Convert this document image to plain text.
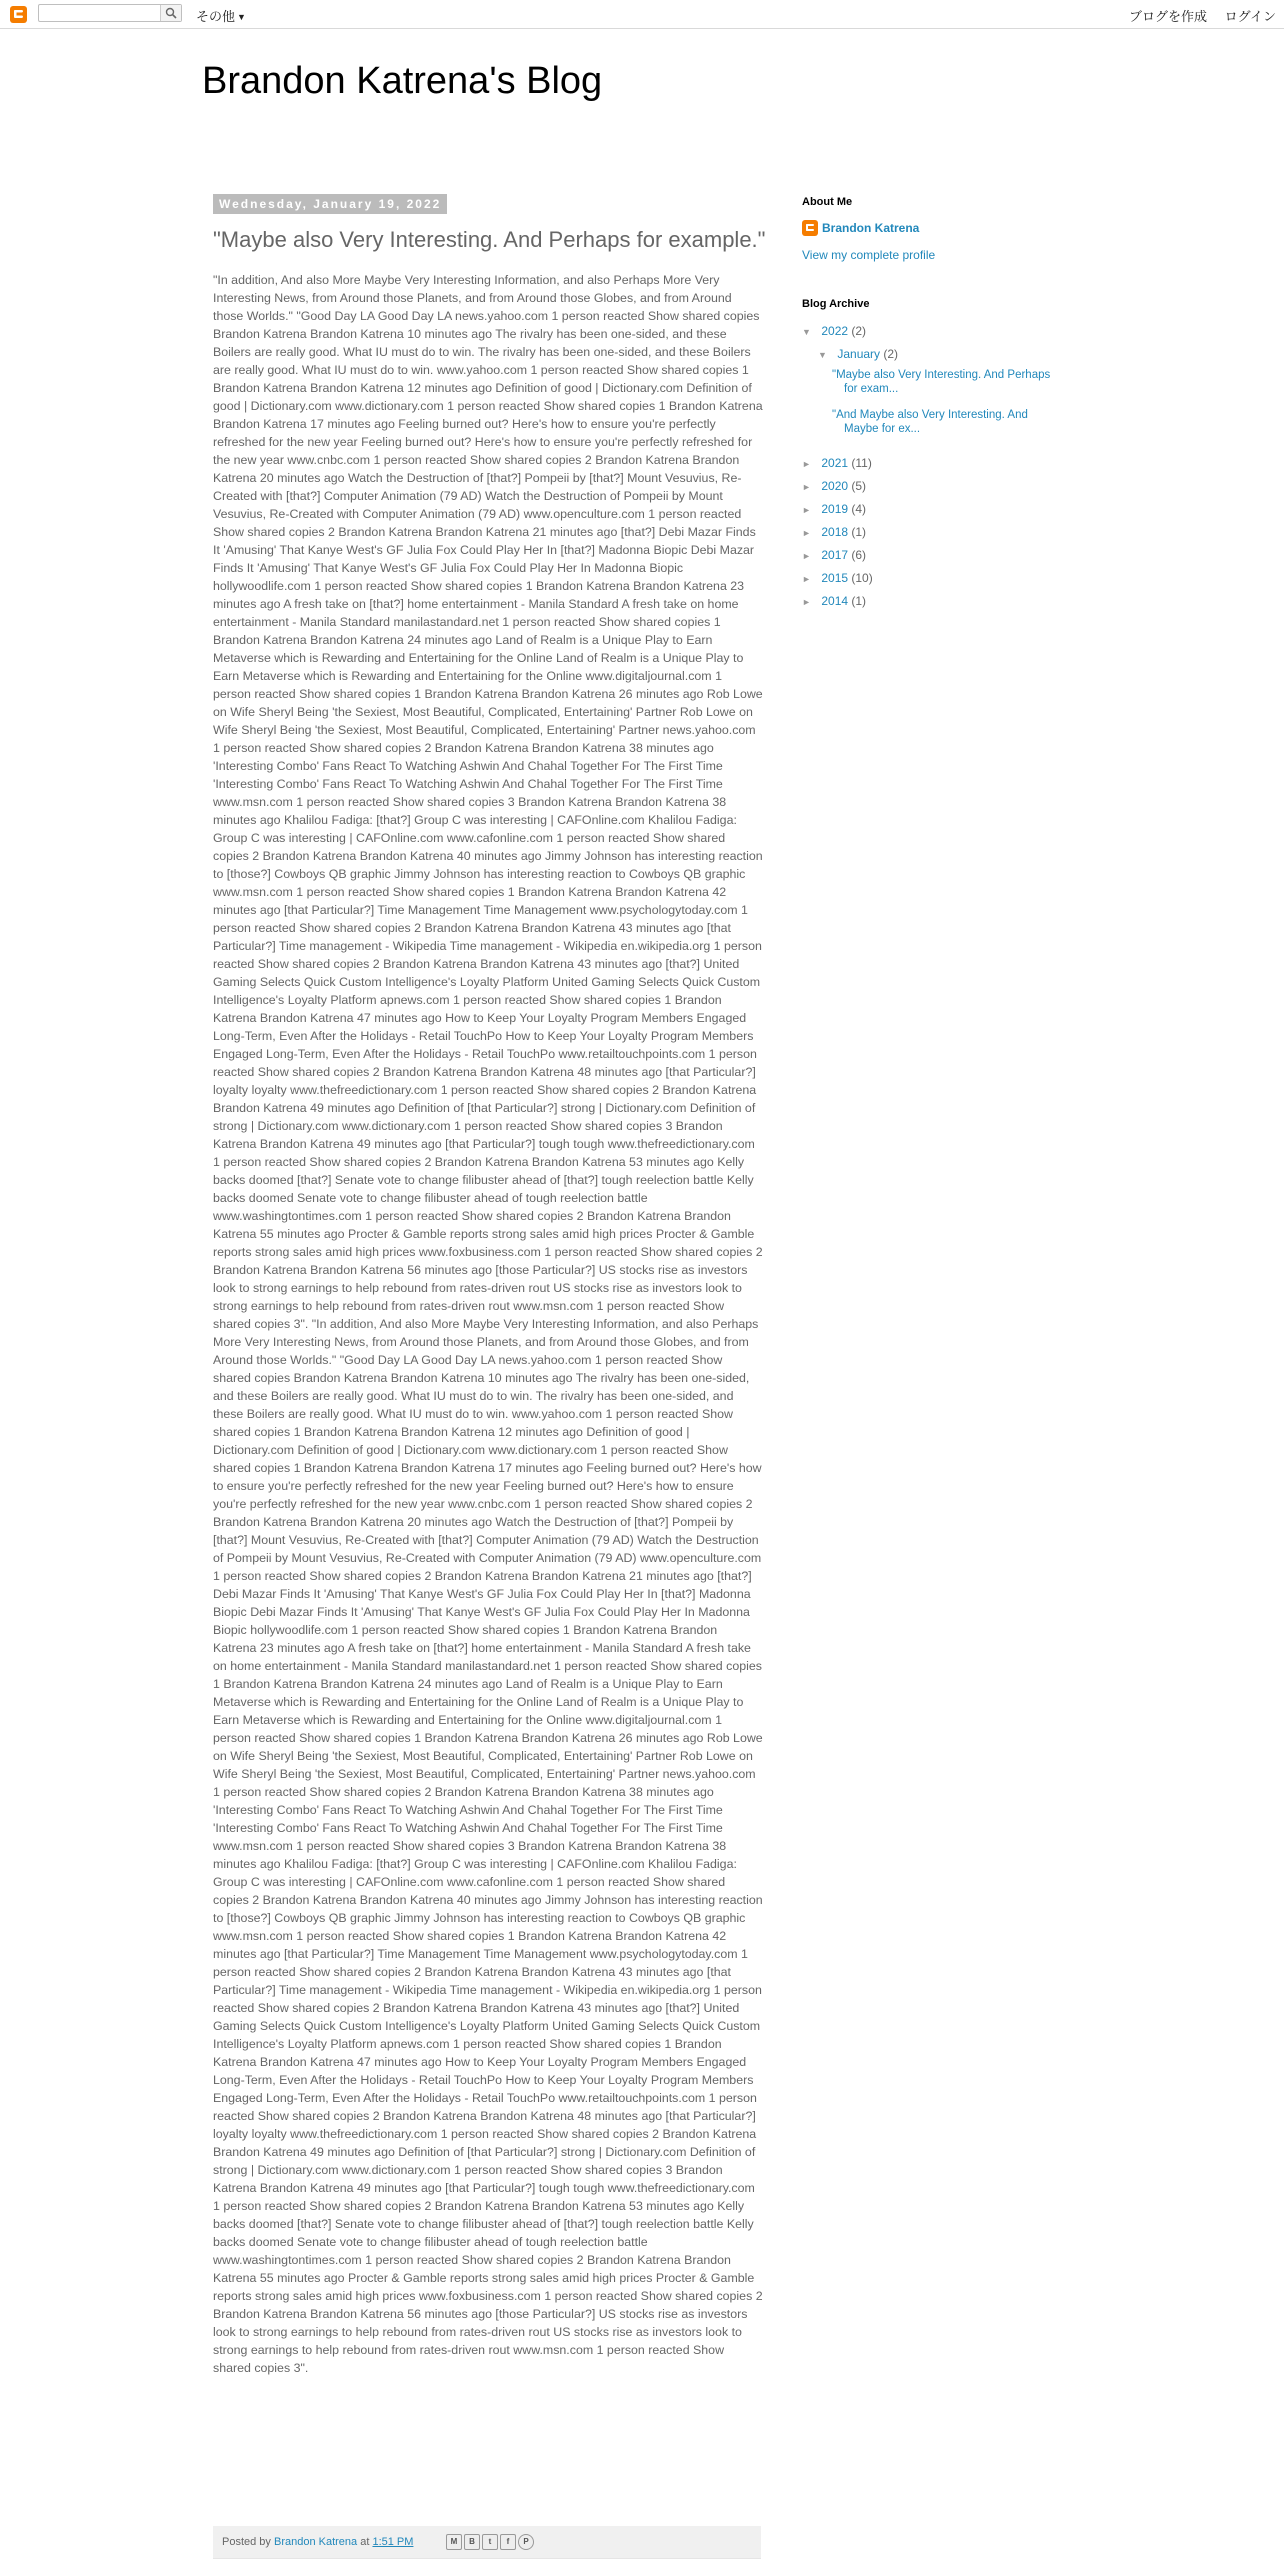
その他 ▼	ブログを作成 ログイン
Brandon Katrena's Blog
Wednesday, January 19, 2022
"Maybe also Very Interesting. And Perhaps for example."
"In addition, And also More Maybe Very Interesting Information, and also Perhaps More Very Interesting News, from Around those Planets, and from Around those Globes, and from Around those Worlds." "Good Day LA Good Day LA news.yahoo.com 1 person reacted Show shared copies Brandon Katrena Brandon Katrena 10 minutes ago The rivalry has been one-sided, and these Boilers are really good. What IU must do to win. The rivalry has been one-sided, and these Boilers are really good. What IU must do to win. www.yahoo.com 1 person reacted Show shared copies 1 Brandon Katrena Brandon Katrena 12 minutes ago Definition of good | Dictionary.com Definition of good | Dictionary.com www.dictionary.com 1 person reacted Show shared copies 1 Brandon Katrena Brandon Katrena 17 minutes ago Feeling burned out? Here's how to ensure you're perfectly refreshed for the new year Feeling burned out? Here's how to ensure you're perfectly refreshed for the new year www.cnbc.com 1 person reacted Show shared copies 2 Brandon Katrena Brandon Katrena 20 minutes ago Watch the Destruction of [that?] Pompeii by [that?] Mount Vesuvius, Re-Created with [that?] Computer Animation (79 AD) Watch the Destruction of Pompeii by Mount Vesuvius, Re-Created with Computer Animation (79 AD) www.openculture.com 1 person reacted Show shared copies 2 Brandon Katrena Brandon Katrena 21 minutes ago [that?] Debi Mazar Finds It 'Amusing' That Kanye West's GF Julia Fox Could Play Her In [that?] Madonna Biopic Debi Mazar Finds It 'Amusing' That Kanye West's GF Julia Fox Could Play Her In Madonna Biopic hollywoodlife.com 1 person reacted Show shared copies 1 Brandon Katrena Brandon Katrena 23 minutes ago A fresh take on [that?] home entertainment - Manila Standard A fresh take on home entertainment - Manila Standard manilastandard.net 1 person reacted Show shared copies 1 Brandon Katrena Brandon Katrena 24 minutes ago Land of Realm is a Unique Play to Earn Metaverse which is Rewarding and Entertaining for the Online Land of Realm is a Unique Play to Earn Metaverse which is Rewarding and Entertaining for the Online www.digitaljournal.com 1 person reacted Show shared copies 1 Brandon Katrena Brandon Katrena 26 minutes ago Rob Lowe on Wife Sheryl Being 'the Sexiest, Most Beautiful, Complicated, Entertaining' Partner Rob Lowe on Wife Sheryl Being 'the Sexiest, Most Beautiful, Complicated, Entertaining' Partner news.yahoo.com 1 person reacted Show shared copies 2 Brandon Katrena Brandon Katrena 38 minutes ago 'Interesting Combo' Fans React To Watching Ashwin And Chahal Together For The First Time 'Interesting Combo' Fans React To Watching Ashwin And Chahal Together For The First Time www.msn.com 1 person reacted Show shared copies 3 Brandon Katrena Brandon Katrena 38 minutes ago Khalilou Fadiga: [that?] Group C was interesting | CAFOnline.com Khalilou Fadiga: Group C was interesting | CAFOnline.com www.cafonline.com 1 person reacted Show shared copies 2 Brandon Katrena Brandon Katrena 40 minutes ago Jimmy Johnson has interesting reaction to [those?] Cowboys QB graphic Jimmy Johnson has interesting reaction to Cowboys QB graphic www.msn.com 1 person reacted Show shared copies 1 Brandon Katrena Brandon Katrena 42 minutes ago [that Particular?] Time Management Time Management www.psychologytoday.com 1 person reacted Show shared copies 2 Brandon Katrena Brandon Katrena 43 minutes ago [that Particular?] Time management - Wikipedia Time management - Wikipedia en.wikipedia.org 1 person reacted Show shared copies 2 Brandon Katrena Brandon Katrena 43 minutes ago [that?] United Gaming Selects Quick Custom Intelligence's Loyalty Platform United Gaming Selects Quick Custom Intelligence's Loyalty Platform apnews.com 1 person reacted Show shared copies 1 Brandon Katrena Brandon Katrena 47 minutes ago How to Keep Your Loyalty Program Members Engaged Long-Term, Even After the Holidays - Retail TouchPo How to Keep Your Loyalty Program Members Engaged Long-Term, Even After the Holidays - Retail TouchPo www.retailtouchpoints.com 1 person reacted Show shared copies 2 Brandon Katrena Brandon Katrena 48 minutes ago [that Particular?] loyalty loyalty www.thefreedictionary.com 1 person reacted Show shared copies 2 Brandon Katrena Brandon Katrena 49 minutes ago Definition of [that Particular?] strong | Dictionary.com Definition of strong | Dictionary.com www.dictionary.com 1 person reacted Show shared copies 3 Brandon Katrena Brandon Katrena 49 minutes ago [that Particular?] tough tough www.thefreedictionary.com 1 person reacted Show shared copies 2 Brandon Katrena Brandon Katrena 53 minutes ago Kelly backs doomed [that?] Senate vote to change filibuster ahead of [that?] tough reelection battle Kelly backs doomed Senate vote to change filibuster ahead of tough reelection battle www.washingtontimes.com 1 person reacted Show shared copies 2 Brandon Katrena Brandon Katrena 55 minutes ago Procter & Gamble reports strong sales amid high prices Procter & Gamble reports strong sales amid high prices www.foxbusiness.com 1 person reacted Show shared copies 2 Brandon Katrena Brandon Katrena 56 minutes ago [those Particular?] US stocks rise as investors look to strong earnings to help rebound from rates-driven rout US stocks rise as investors look to strong earnings to help rebound from rates-driven rout www.msn.com 1 person reacted Show shared copies 3". "In addition, And also More Maybe Very Interesting Information, and also Perhaps More Very Interesting News, from Around those Planets, and from Around those Globes, and from Around those Worlds." "Good Day LA Good Day LA news.yahoo.com 1 person reacted Show shared copies Brandon Katrena Brandon Katrena 10 minutes ago The rivalry has been one-sided, and these Boilers are really good. What IU must do to win. The rivalry has been one-sided, and these Boilers are really good. What IU must do to win. www.yahoo.com 1 person reacted Show shared copies 1 Brandon Katrena Brandon Katrena 12 minutes ago Definition of good | Dictionary.com Definition of good | Dictionary.com www.dictionary.com 1 person reacted Show shared copies 1 Brandon Katrena Brandon Katrena 17 minutes ago Feeling burned out? Here's how to ensure you're perfectly refreshed for the new year Feeling burned out? Here's how to ensure you're perfectly refreshed for the new year www.cnbc.com 1 person reacted Show shared copies 2 Brandon Katrena Brandon Katrena 20 minutes ago Watch the Destruction of [that?] Pompeii by [that?] Mount Vesuvius, Re-Created with [that?] Computer Animation (79 AD) Watch the Destruction of Pompeii by Mount Vesuvius, Re-Created with Computer Animation (79 AD) www.openculture.com 1 person reacted Show shared copies 2 Brandon Katrena Brandon Katrena 21 minutes ago [that?] Debi Mazar Finds It 'Amusing' That Kanye West's GF Julia Fox Could Play Her In [that?] Madonna Biopic Debi Mazar Finds It 'Amusing' That Kanye West's GF Julia Fox Could Play Her In Madonna Biopic hollywoodlife.com 1 person reacted Show shared copies 1 Brandon Katrena Brandon Katrena 23 minutes ago A fresh take on [that?] home entertainment - Manila Standard A fresh take on home entertainment - Manila Standard manilastandard.net 1 person reacted Show shared copies 1 Brandon Katrena Brandon Katrena 24 minutes ago Land of Realm is a Unique Play to Earn Metaverse which is Rewarding and Entertaining for the Online Land of Realm is a Unique Play to Earn Metaverse which is Rewarding and Entertaining for the Online www.digitaljournal.com 1 person reacted Show shared copies 1 Brandon Katrena Brandon Katrena 26 minutes ago Rob Lowe on Wife Sheryl Being 'the Sexiest, Most Beautiful, Complicated, Entertaining' Partner Rob Lowe on Wife Sheryl Being 'the Sexiest, Most Beautiful, Complicated, Entertaining' Partner news.yahoo.com 1 person reacted Show shared copies 2 Brandon Katrena Brandon Katrena 38 minutes ago 'Interesting Combo' Fans React To Watching Ashwin And Chahal Together For The First Time 'Interesting Combo' Fans React To Watching Ashwin And Chahal Together For The First Time www.msn.com 1 person reacted Show shared copies 3 Brandon Katrena Brandon Katrena 38 minutes ago Khalilou Fadiga: [that?] Group C was interesting | CAFOnline.com Khalilou Fadiga: Group C was interesting | CAFOnline.com www.cafonline.com 1 person reacted Show shared copies 2 Brandon Katrena Brandon Katrena 40 minutes ago Jimmy Johnson has interesting reaction to [those?] Cowboys QB graphic Jimmy Johnson has interesting reaction to Cowboys QB graphic www.msn.com 1 person reacted Show shared copies 1 Brandon Katrena Brandon Katrena 42 minutes ago [that Particular?] Time Management Time Management www.psychologytoday.com 1 person reacted Show shared copies 2 Brandon Katrena Brandon Katrena 43 minutes ago [that Particular?] Time management - Wikipedia Time management - Wikipedia en.wikipedia.org 1 person reacted Show shared copies 2 Brandon Katrena Brandon Katrena 43 minutes ago [that?] United Gaming Selects Quick Custom Intelligence's Loyalty Platform United Gaming Selects Quick Custom Intelligence's Loyalty Platform apnews.com 1 person reacted Show shared copies 1 Brandon Katrena Brandon Katrena 47 minutes ago How to Keep Your Loyalty Program Members Engaged Long-Term, Even After the Holidays - Retail TouchPo How to Keep Your Loyalty Program Members Engaged Long-Term, Even After the Holidays - Retail TouchPo www.retailtouchpoints.com 1 person reacted Show shared copies 2 Brandon Katrena Brandon Katrena 48 minutes ago [that Particular?] loyalty loyalty www.thefreedictionary.com 1 person reacted Show shared copies 2 Brandon Katrena Brandon Katrena 49 minutes ago Definition of [that Particular?] strong | Dictionary.com Definition of strong | Dictionary.com www.dictionary.com 1 person reacted Show shared copies 3 Brandon Katrena Brandon Katrena 49 minutes ago [that Particular?] tough tough www.thefreedictionary.com 1 person reacted Show shared copies 2 Brandon Katrena Brandon Katrena 53 minutes ago Kelly backs doomed [that?] Senate vote to change filibuster ahead of [that?] tough reelection battle Kelly backs doomed Senate vote to change filibuster ahead of tough reelection battle www.washingtontimes.com 1 person reacted Show shared copies 2 Brandon Katrena Brandon Katrena 55 minutes ago Procter & Gamble reports strong sales amid high prices Procter & Gamble reports strong sales amid high prices www.foxbusiness.com 1 person reacted Show shared copies 2 Brandon Katrena Brandon Katrena 56 minutes ago [those Particular?] US stocks rise as investors look to strong earnings to help rebound from rates-driven rout US stocks rise as investors look to strong earnings to help rebound from rates-driven rout www.msn.com 1 person reacted Show shared copies 3".
Posted by Brandon Katrena at 1:51 PM	M	B	t	f	P
About Me
Brandon Katrena
View my complete profile
Blog Archive
▼ 2022 (2)
▼ January (2)
"Maybe also Very Interesting. And Perhaps for exam...
"And Maybe also Very Interesting. And Maybe for ex...
► 2021 (11)
► 2020 (5)
► 2019 (4)
► 2018 (1)
► 2017 (6)
► 2015 (10)
► 2014 (1)
